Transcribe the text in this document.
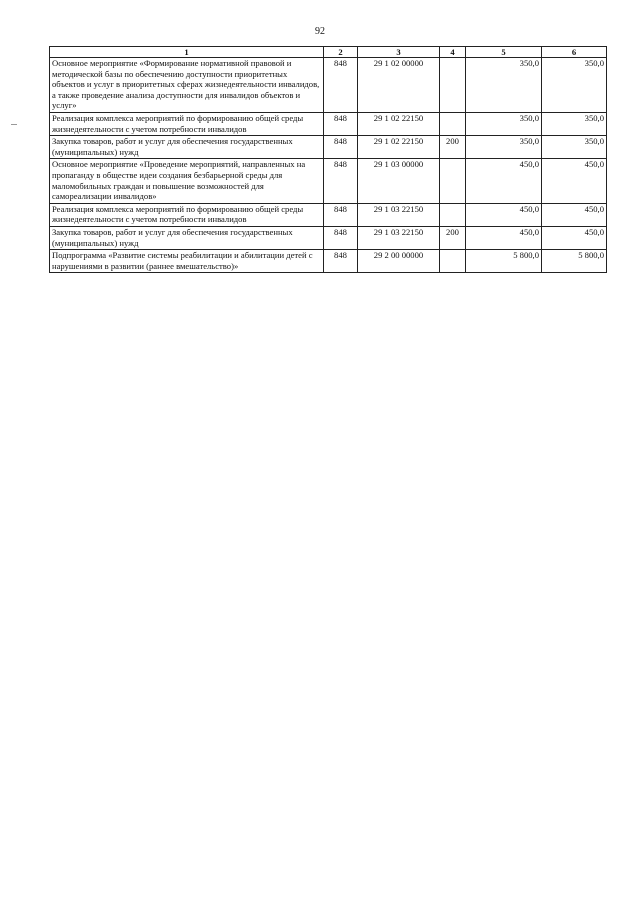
92
1	2	3	4	5	6
Основное мероприятие «Формирование нормативной правовой и методической базы по обеспечению доступности приоритетных объектов и услуг в приоритетных сферах жизнедеятельности инвалидов, а также проведение анализа доступности для инвалидов объектов и услуг»	848	29 1 02 00000		350,0	350,0
Реализация комплекса мероприятий по формированию общей среды жизнедеятельности с учетом потребности инвалидов	848	29 1 02 22150		350,0	350,0
Закупка товаров, работ и услуг для обеспечения государственных (муниципальных) нужд	848	29 1 02 22150	200	350,0	350,0
Основное мероприятие «Проведение мероприятий, направленных на пропаганду в обществе идеи создания безбарьерной среды для маломобильных граждан и повышение возможностей для самореализации инвалидов»	848	29 1 03 00000		450,0	450,0
Реализация комплекса мероприятий по формированию общей среды жизнедеятельности с учетом потребности инвалидов	848	29 1 03 22150		450,0	450,0
Закупка товаров, работ и услуг для обеспечения государственных (муниципальных) нужд	848	29 1 03 22150	200	450,0	450,0
Подпрограмма «Развитие системы реабилитации и абилитации детей с нарушениями в развитии (раннее вмешательство)»	848	29 2 00 00000		5 800,0	5 800,0
